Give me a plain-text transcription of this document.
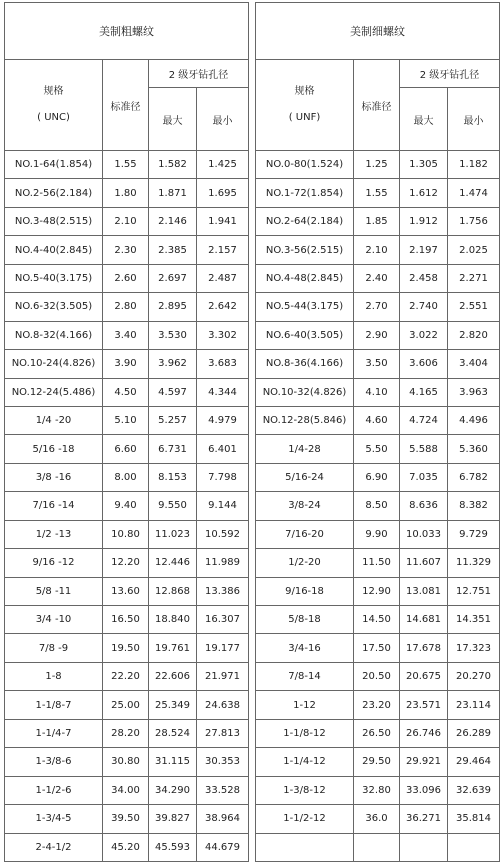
美制粗螺纹			

规格
( UNC)	标准径	2 级牙钻孔径	
		最大	最小
NO.1-64(1.854)	1.55	1.582	1.425
NO.2-56(2.184)	1.80	1.871	1.695
NO.3-48(2.515)	2.10	2.146	1.941
NO.4-40(2.845)	2.30	2.385	2.157
NO.5-40(3.175)	2.60	2.697	2.487
NO.6-32(3.505)	2.80	2.895	2.642
NO.8-32(4.166)	3.40	3.530	3.302
NO.10-24(4.826)	3.90	3.962	3.683
NO.12-24(5.486)	4.50	4.597	4.344
1/4 -20	5.10	5.257	4.979
5/16 -18	6.60	6.731	6.401
3/8 -16	8.00	8.153	7.798
7/16 -14	9.40	9.550	9.144
1/2 -13	10.80	11.023	10.592
9/16 -12	12.20	12.446	11.989
5/8 -11	13.60	12.868	13.386
3/4 -10	16.50	18.840	16.307
7/8 -9	19.50	19.761	19.177
1-8	22.20	22.606	21.971
1-1/8-7	25.00	25.349	24.638
1-1/4-7	28.20	28.524	27.813
1-3/8-6	30.80	31.115	30.353
1-1/2-6	34.00	34.290	33.528
1-3/4-5	39.50	39.827	38.964
2-4-1/2	45.20	45.593	44.679
美制细螺纹			

规格
( UNF)	标准径	2 级牙钻孔径	
		最大	最小
NO.0-80(1.524)	1.25	1.305	1.182
NO.1-72(1.854)	1.55	1.612	1.474
NO.2-64(2.184)	1.85	1.912	1.756
NO.3-56(2.515)	2.10	2.197	2.025
NO.4-48(2.845)	2.40	2.458	2.271
NO.5-44(3.175)	2.70	2.740	2.551
NO.6-40(3.505)	2.90	3.022	2.820
NO.8-36(4.166)	3.50	3.606	3.404
NO.10-32(4.826)	4.10	4.165	3.963
NO.12-28(5.846)	4.60	4.724	4.496
1/4-28	5.50	5.588	5.360
5/16-24	6.90	7.035	6.782
3/8-24	8.50	8.636	8.382
7/16-20	9.90	10.033	9.729
1/2-20	11.50	11.607	11.329
9/16-18	12.90	13.081	12.751
5/8-18	14.50	14.681	14.351
3/4-16	17.50	17.678	17.323
7/8-14	20.50	20.675	20.270
1-12	23.20	23.571	23.114
1-1/8-12	26.50	26.746	26.289
1-1/4-12	29.50	29.921	29.464
1-3/8-12	32.80	33.096	32.639
1-1/2-12	36.0	36.271	35.814
